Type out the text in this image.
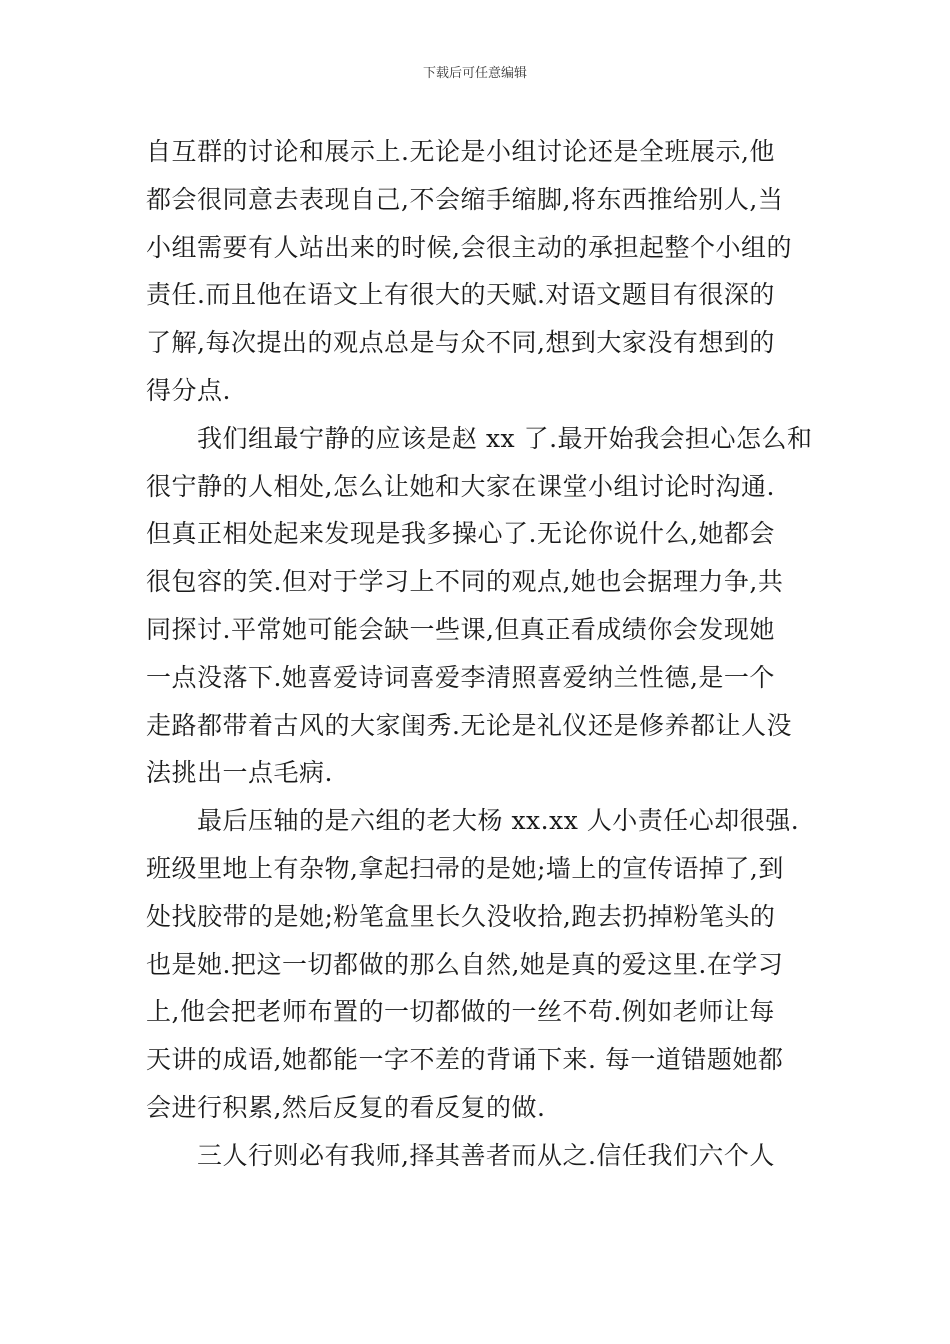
下载后可任意编辑
自互群的讨论和展示上.无论是小组讨论还是全班展示,他
都会很同意去表现自己,不会缩手缩脚,将东西推给别人,当
小组需要有人站出来的时候,会很主动的承担起整个小组的
责任.而且他在语文上有很大的天赋.对语文题目有很深的
了解,每次提出的观点总是与众不同,想到大家没有想到的
得分点.
我们组最宁静的应该是赵 xx 了.最开始我会担心怎么和
很宁静的人相处,怎么让她和大家在课堂小组讨论时沟通.
但真正相处起来发现是我多操心了.无论你说什么,她都会
很包容的笑.但对于学习上不同的观点,她也会据理力争,共
同探讨.平常她可能会缺一些课,但真正看成绩你会发现她
一点没落下.她喜爱诗词喜爱李清照喜爱纳兰性德,是一个
走路都带着古风的大家闺秀.无论是礼仪还是修养都让人没
法挑出一点毛病.
最后压轴的是六组的老大杨 xx.xx 人小责任心却很强.
班级里地上有杂物,拿起扫帚的是她;墙上的宣传语掉了,到
处找胶带的是她;粉笔盒里长久没收拾,跑去扔掉粉笔头的
也是她.把这一切都做的那么自然,她是真的爱这里.在学习
上,他会把老师布置的一切都做的一丝不苟.例如老师让每
天讲的成语,她都能一字不差的背诵下来. 每一道错题她都
会进行积累,然后反复的看反复的做.
三人行则必有我师,择其善者而从之.信任我们六个人
